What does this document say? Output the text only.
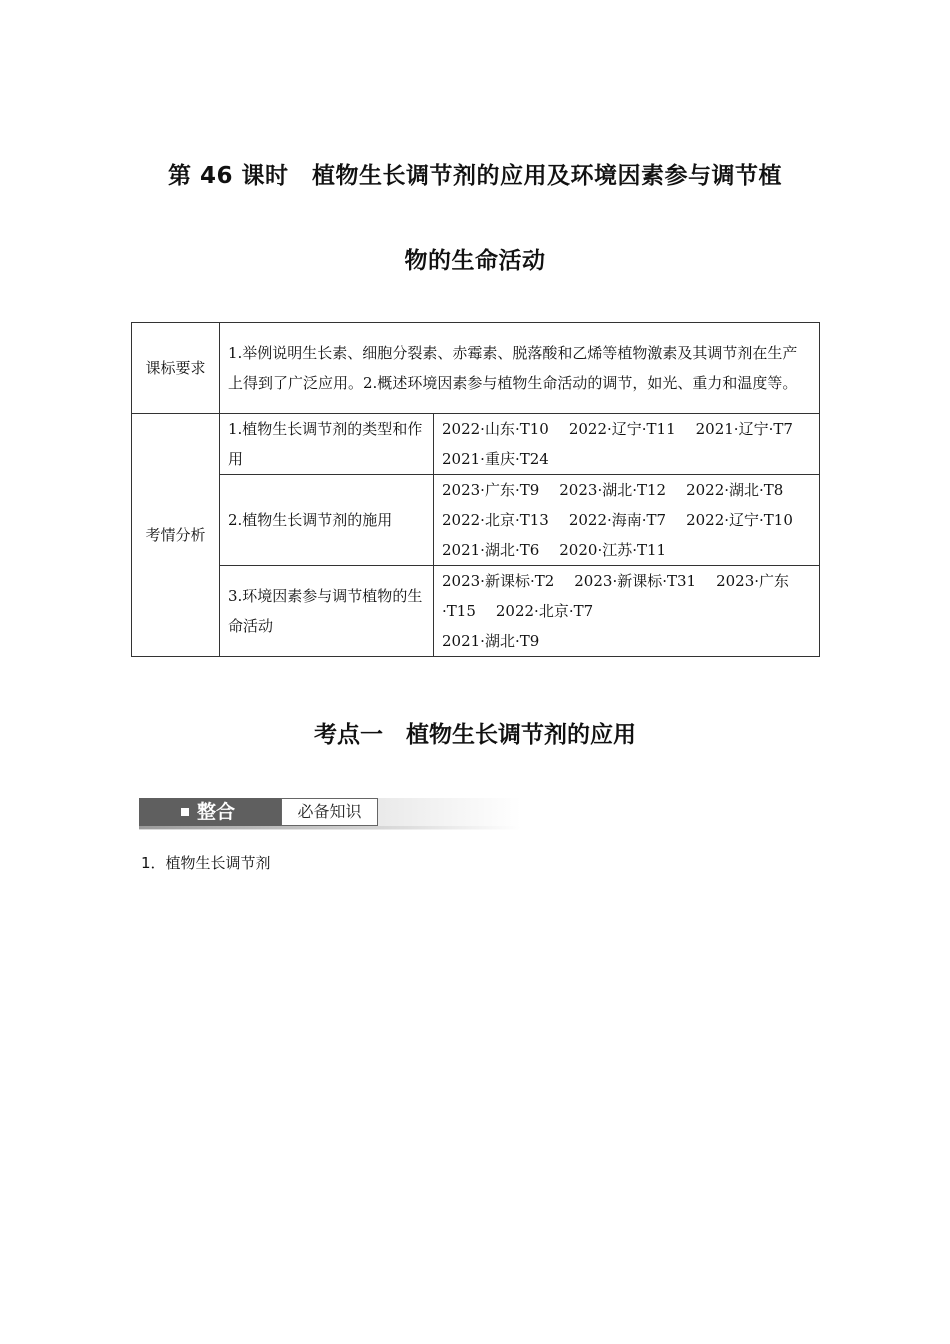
第 46 课时　植物生长调节剂的应用及环境因素参与调节植
物的生命活动
课标要求	1.举例说明生长素、细胞分裂素、赤霉素、脱落酸和乙烯等植物激素及其调节剂在生产上得到了广泛应用。2.概述环境因素参与植物生命活动的调节，如光、重力和温度等。	
考情分析	1.植物生长调节剂的类型和作用	2022·山东·T10 2022·辽宁·T11 2021·辽宁·T7
2021·重庆·T24

	2.植物生长调节剂的施用	2023·广东·T9 2023·湖北·T12 2022·湖北·T8
2022·北京·T13 2022·海南·T7 2022·辽宁·T10
2021·湖北·T6 2020·江苏·T11

	3.环境因素参与调节植物的生命活动	2023·新课标·T2 2023·新课标·T31 2023·广东
·T15 2022·北京·T7
2021·湖北·T9
考点一　植物生长调节剂的应用
整合	必备知识
1．植物生长调节剂
